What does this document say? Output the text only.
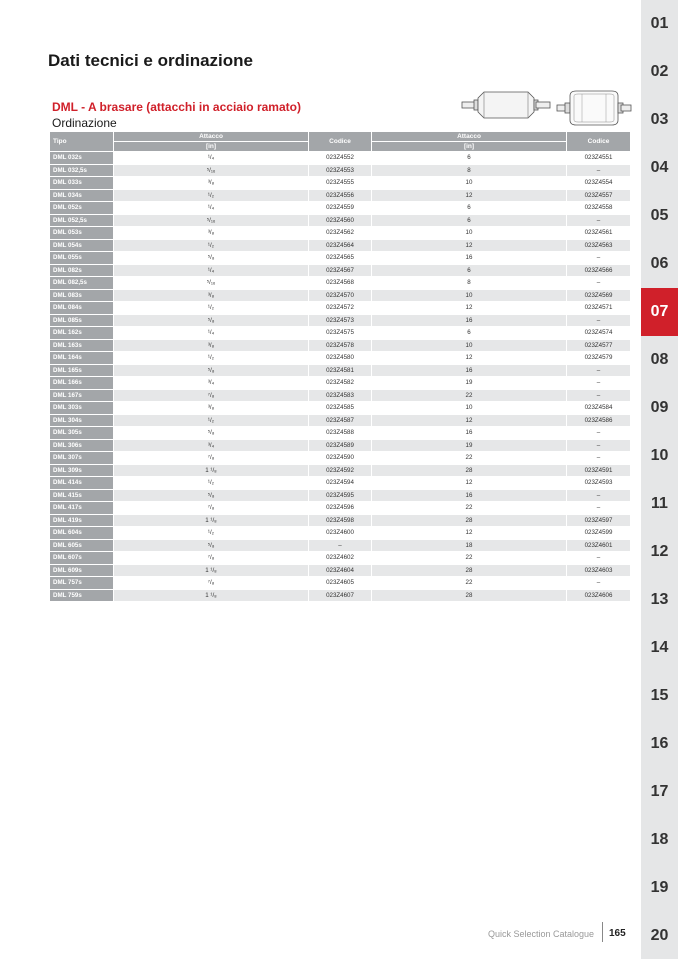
Dati tecnici e ordinazione
DML - A brasare (attacchi in acciaio ramato)
Ordinazione
Tipo	Attacco	Codice	Attacco	Codice
	[in]		[in]	
DML 032s	¹/₄	023Z4552	6	023Z4551
DML 032,5s	⁵/₁₆	023Z4553	8	–
DML 033s	³/₈	023Z4555	10	023Z4554
DML 034s	¹/₂	023Z4556	12	023Z4557
DML 052s	¹/₄	023Z4559	6	023Z4558
DML 052,5s	⁵/₁₆	023Z4560	6	–
DML 053s	³/₈	023Z4562	10	023Z4561
DML 054s	¹/₂	023Z4564	12	023Z4563
DML 055s	⁵/₈	023Z4565	16	–
DML 082s	¹/₄	023Z4567	6	023Z4566
DML 082,5s	⁵/₁₆	023Z4568	8	–
DML 083s	³/₈	023Z4570	10	023Z4569
DML 084s	¹/₂	023Z4572	12	023Z4571
DML 085s	⁵/₈	023Z4573	16	–
DML 162s	¹/₄	023Z4575	6	023Z4574
DML 163s	³/₈	023Z4578	10	023Z4577
DML 164s	¹/₂	023Z4580	12	023Z4579
DML 165s	⁵/₈	023Z4581	16	–
DML 166s	³/₄	023Z4582	19	–
DML 167s	⁷/₈	023Z4583	22	–
DML 303s	³/₈	023Z4585	10	023Z4584
DML 304s	¹/₂	023Z4587	12	023Z4586
DML 305s	⁵/₈	023Z4588	16	–
DML 306s	³/₄	023Z4589	19	–
DML 307s	⁷/₈	023Z4590	22	–
DML 309s	1 ¹/₈	023Z4592	28	023Z4591
DML 414s	¹/₂	023Z4594	12	023Z4593
DML 415s	⁵/₈	023Z4595	16	–
DML 417s	⁷/₈	023Z4596	22	–
DML 419s	1 ¹/₈	023Z4598	28	023Z4597
DML 604s	¹/₂	023Z4600	12	023Z4599
DML 605s	⁵/₈	–	18	023Z4601
DML 607s	⁷/₈	023Z4602	22	–
DML 609s	1 ¹/₈	023Z4604	28	023Z4603
DML 757s	⁷/₈	023Z4605	22	–
DML 759s	1 ¹/₈	023Z4607	28	023Z4606
01
02
03
04
05
06
07
08
09
10
11
12
13
14
15
16
17
18
19
20
Quick Selection Catalogue 165
